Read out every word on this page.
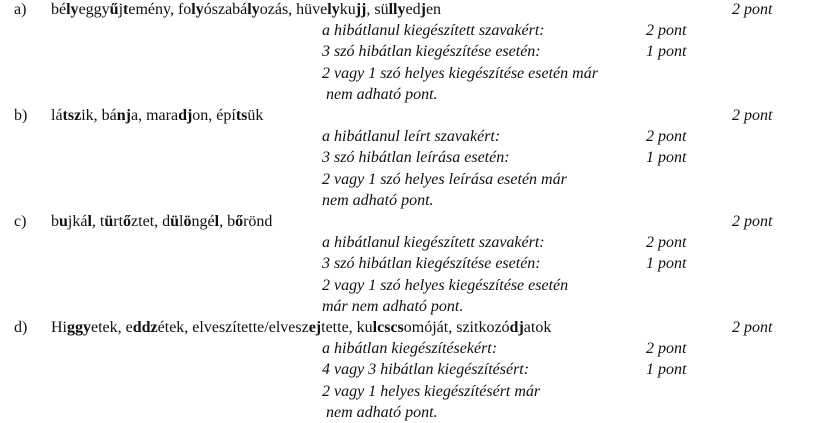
a) bélyeggyűjtemény, folyószabályozás, hüvelykujj, süllyedjen	2 pont
a hibátlanul kiegészített szavakért:	2 pont
3 szó hibátlan kiegészítése esetén:	1 pont
2 vagy 1 szó helyes kiegészítése esetén már
nem adható pont.
b) látszik, bánja, maradjon, építsük	2 pont
a hibátlanul leírt szavakért:	2 pont
3 szó hibátlan leírása esetén:	1 pont
2 vagy 1 szó helyes leírása esetén már
nem adható pont.
c) bujkál, türtőztet, dülöngél, bőrönd	2 pont
a hibátlanul kiegészített szavakért:	2 pont
3 szó hibátlan kiegészítése esetén:	1 pont
2 vagy 1 szó helyes kiegészítése esetén
már nem adható pont.
d) Higgyetek, eddzétek, elveszítette/elveszejtette, kulcscsomóját, szitkozódjatok	2 pont
a hibátlan kiegészítésekért:	2 pont
4 vagy 3 hibátlan kiegészítésért:	1 pont
2 vagy 1 helyes kiegészítésért már
nem adható pont.
